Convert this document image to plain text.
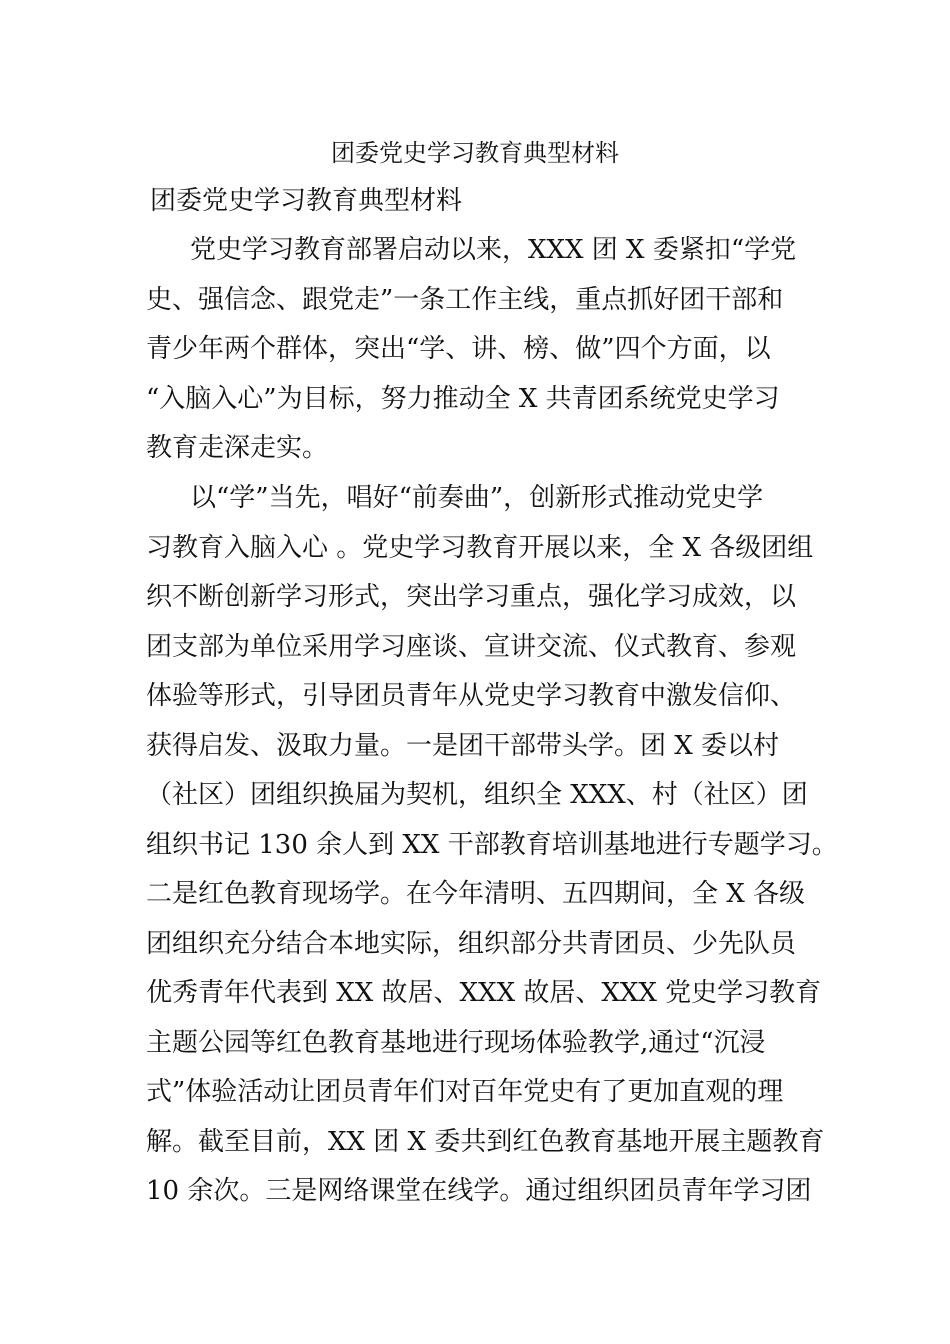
团委党史学习教育典型材料
团委党史学习教育典型材料
党史学习教育部署启动以来，XXX 团 X 委紧扣“学党
史、强信念、跟党走”一条工作主线，重点抓好团干部和
青少年两个群体，突出“学、讲、榜、做”四个方面，以
“入脑入心”为目标，努力推动全 X 共青团系统党史学习
教育走深走实。
以“学”当先，唱好“前奏曲”，创新形式推动党史学
习教育入脑入心 。党史学习教育开展以来，全 X 各级团组
织不断创新学习形式，突出学习重点，强化学习成效，以
团支部为单位采用学习座谈、宣讲交流、仪式教育、参观
体验等形式，引导团员青年从党史学习教育中激发信仰、
获得启发、汲取力量。一是团干部带头学。团 X 委以村
（社区）团组织换届为契机，组织全 XXX、村（社区）团
组织书记 130 余人到 XX 干部教育培训基地进行专题学习。
二是红色教育现场学。在今年清明、五四期间，全 X 各级
团组织充分结合本地实际，组织部分共青团员、少先队员
优秀青年代表到 XX 故居、XXX 故居、XXX 党史学习教育
主题公园等红色教育基地进行现场体验教学,通过“沉浸
式”体验活动让团员青年们对百年党史有了更加直观的理
解。截至目前，XX 团 X 委共到红色教育基地开展主题教育
10 余次。三是网络课堂在线学。通过组织团员青年学习团
